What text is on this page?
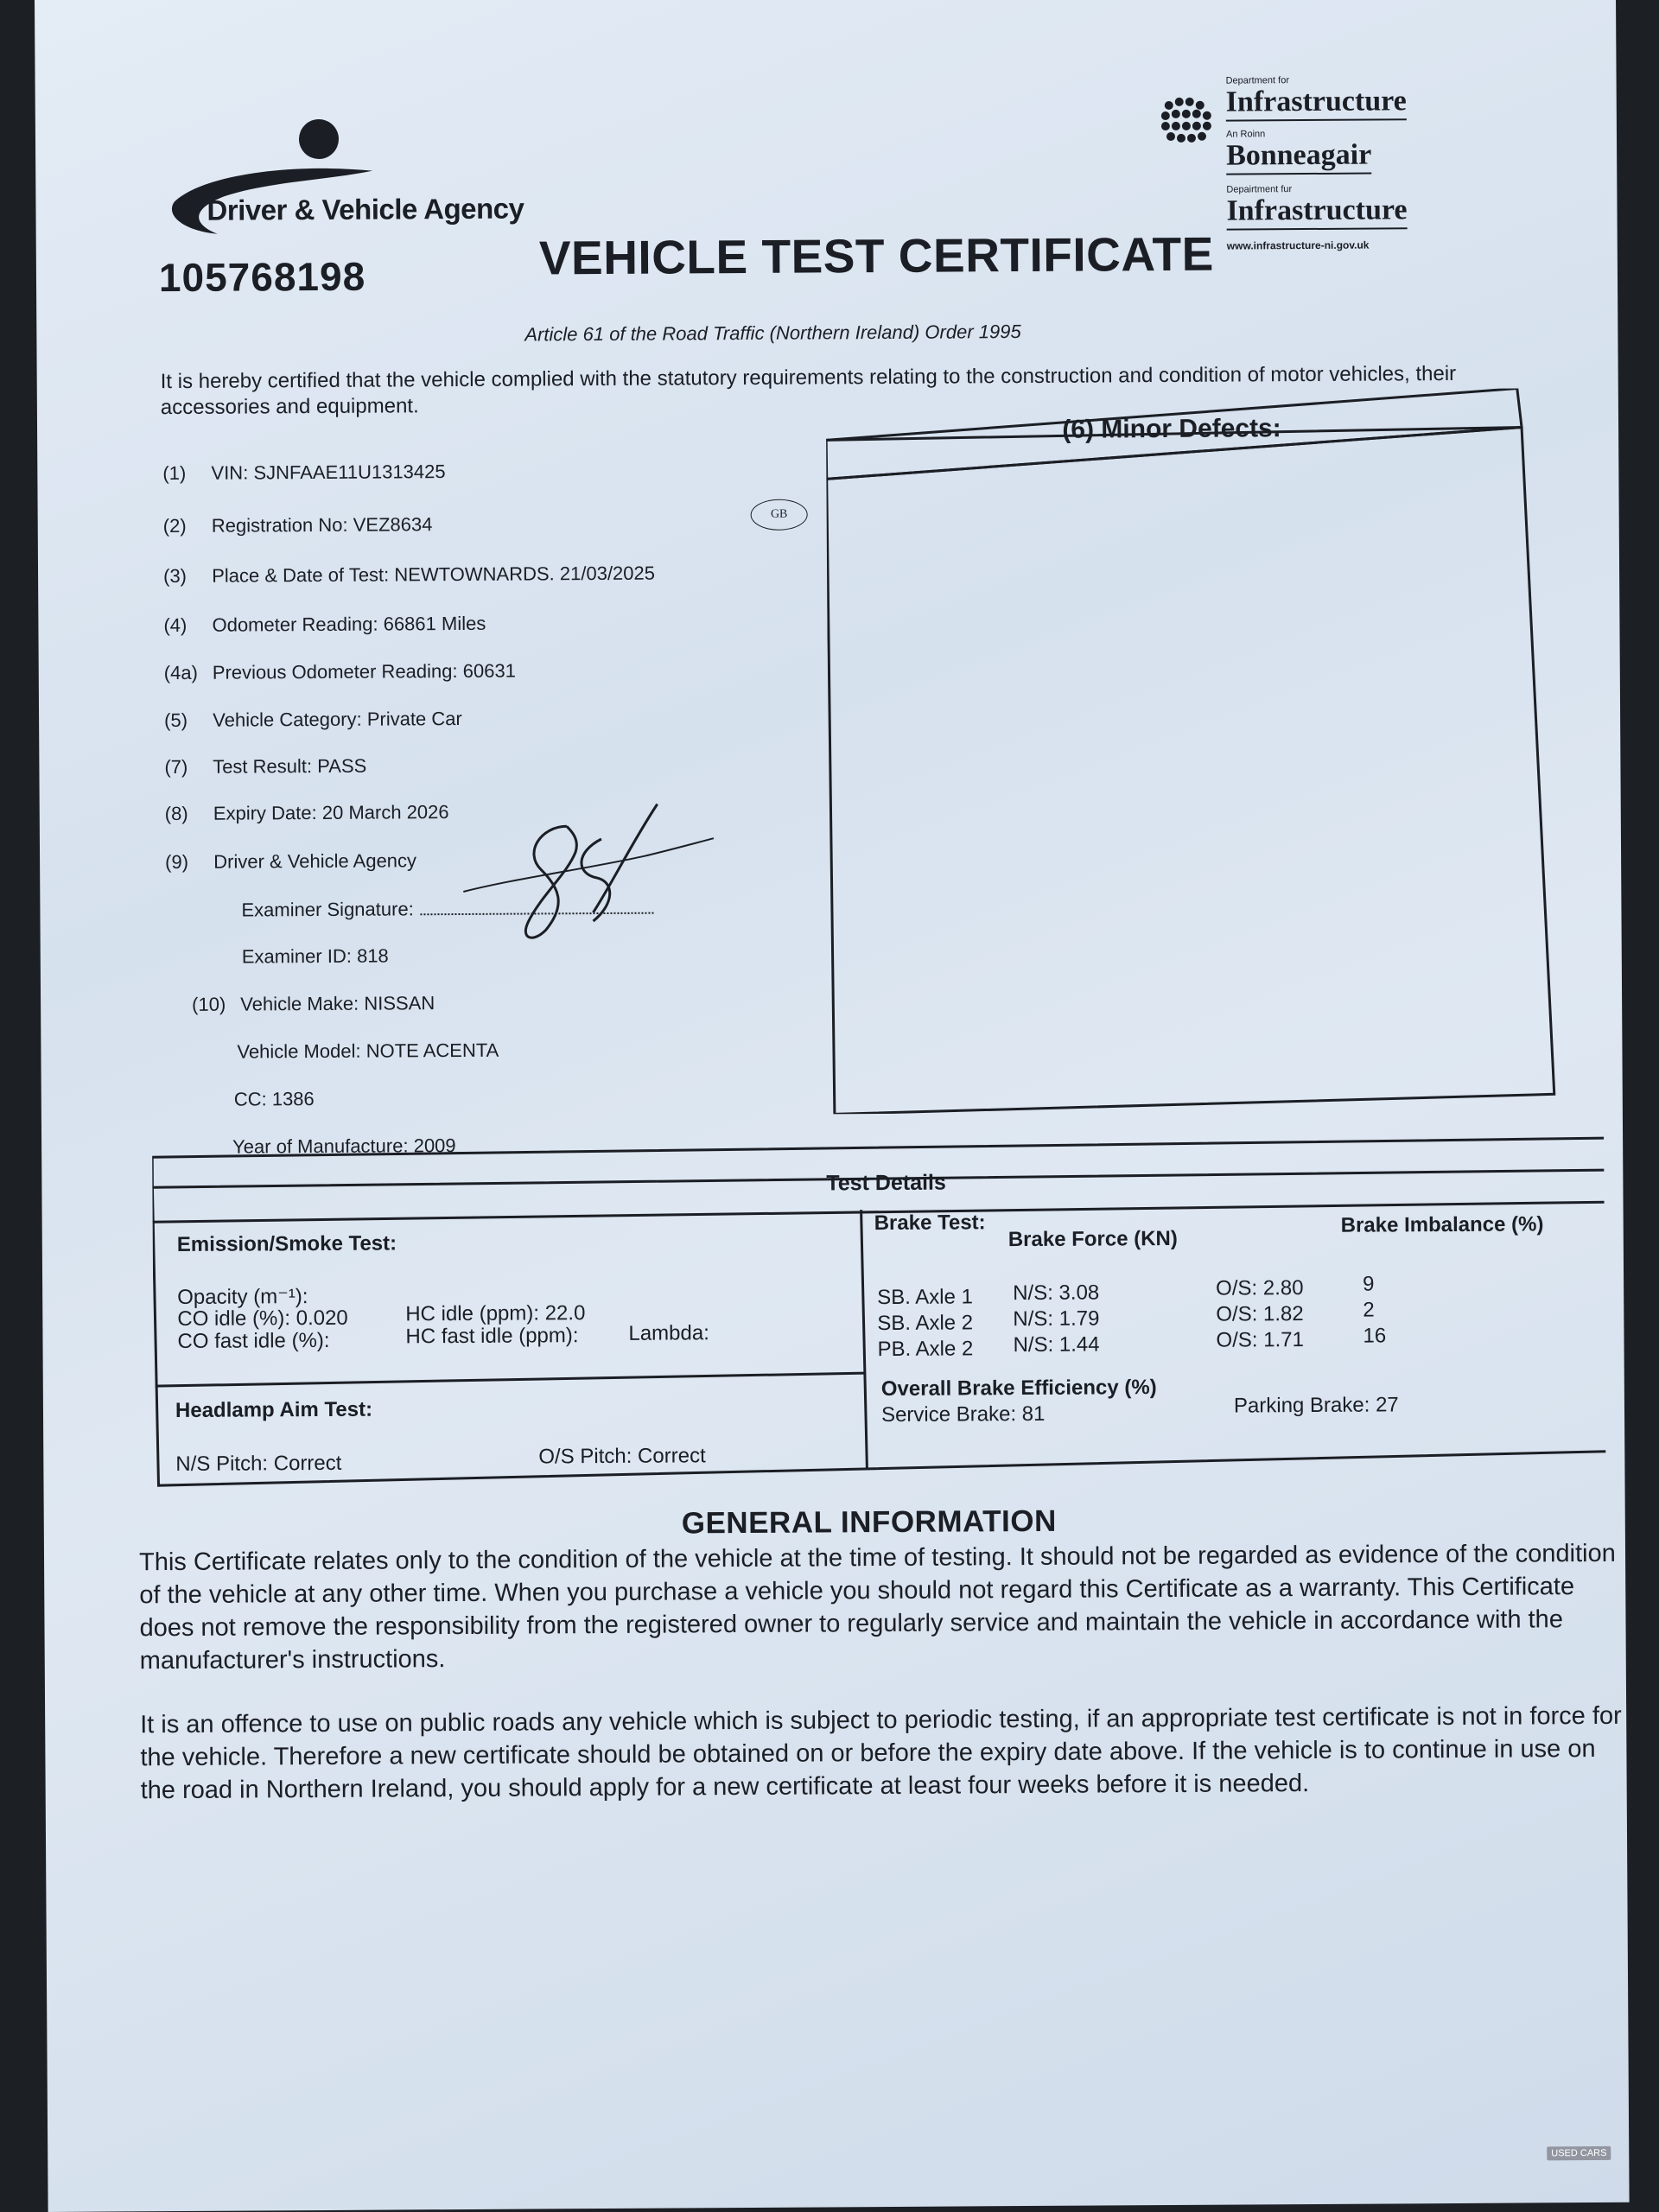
Driver & Vehicle Agency
105768198	VEHICLE TEST CERTIFICATE
Department for
Infrastructure
An Roinn
Bonneagair
Depairtment fur
Infrastructure
www.infrastructure-ni.gov.uk
Article 61 of the Road Traffic (Northern Ireland) Order 1995
It is hereby certified that the vehicle complied with the statutory requirements relating to the construction and condition of motor vehicles, their accessories and equipment.
(1) VIN: SJNFAAE11U1313425
(2) Registration No: VEZ8634	GB
(3) Place & Date of Test: NEWTOWNARDS. 21/03/2025
(4) Odometer Reading: 66861 Miles
(4a) Previous Odometer Reading: 60631
(5) Vehicle Category: Private Car
(7) Test Result: PASS
(8) Expiry Date: 20 March 2026
(9) Driver & Vehicle Agency
Examiner Signature:
Examiner ID: 818
(10) Vehicle Make: NISSAN
Vehicle Model: NOTE ACENTA
CC: 1386
Year of Manufacture: 2009
(6) Minor Defects:
Test Details
Emission/Smoke Test:
Opacity (m⁻¹):
CO idle (%): 0.020
CO fast idle (%):
HC idle (ppm): 22.0
HC fast idle (ppm): Lambda:
Headlamp Aim Test:
N/S Pitch: Correct	O/S Pitch: Correct
Brake Test:
Brake Force (KN)
Brake Imbalance (%)
SB. Axle 1 N/S: 3.08	O/S: 2.80	9
SB. Axle 2 N/S: 1.79	O/S: 1.82	2
PB. Axle 2 N/S: 1.44	O/S: 1.71	16
Overall Brake Efficiency (%)
Service Brake: 81	Parking Brake: 27
GENERAL INFORMATION
This Certificate relates only to the condition of the vehicle at the time of testing. It should not be regarded as evidence of the condition of the vehicle at any other time. When you purchase a vehicle you should not regard this Certificate as a warranty. This Certificate does not remove the responsibility from the registered owner to regularly service and maintain the vehicle in accordance with the manufacturer's instructions.
It is an offence to use on public roads any vehicle which is subject to periodic testing, if an appropriate test certificate is not in force for the vehicle. Therefore a new certificate should be obtained on or before the expiry date above. If the vehicle is to continue in use on the road in Northern Ireland, you should apply for a new certificate at least four weeks before it is needed.
USED CARS
